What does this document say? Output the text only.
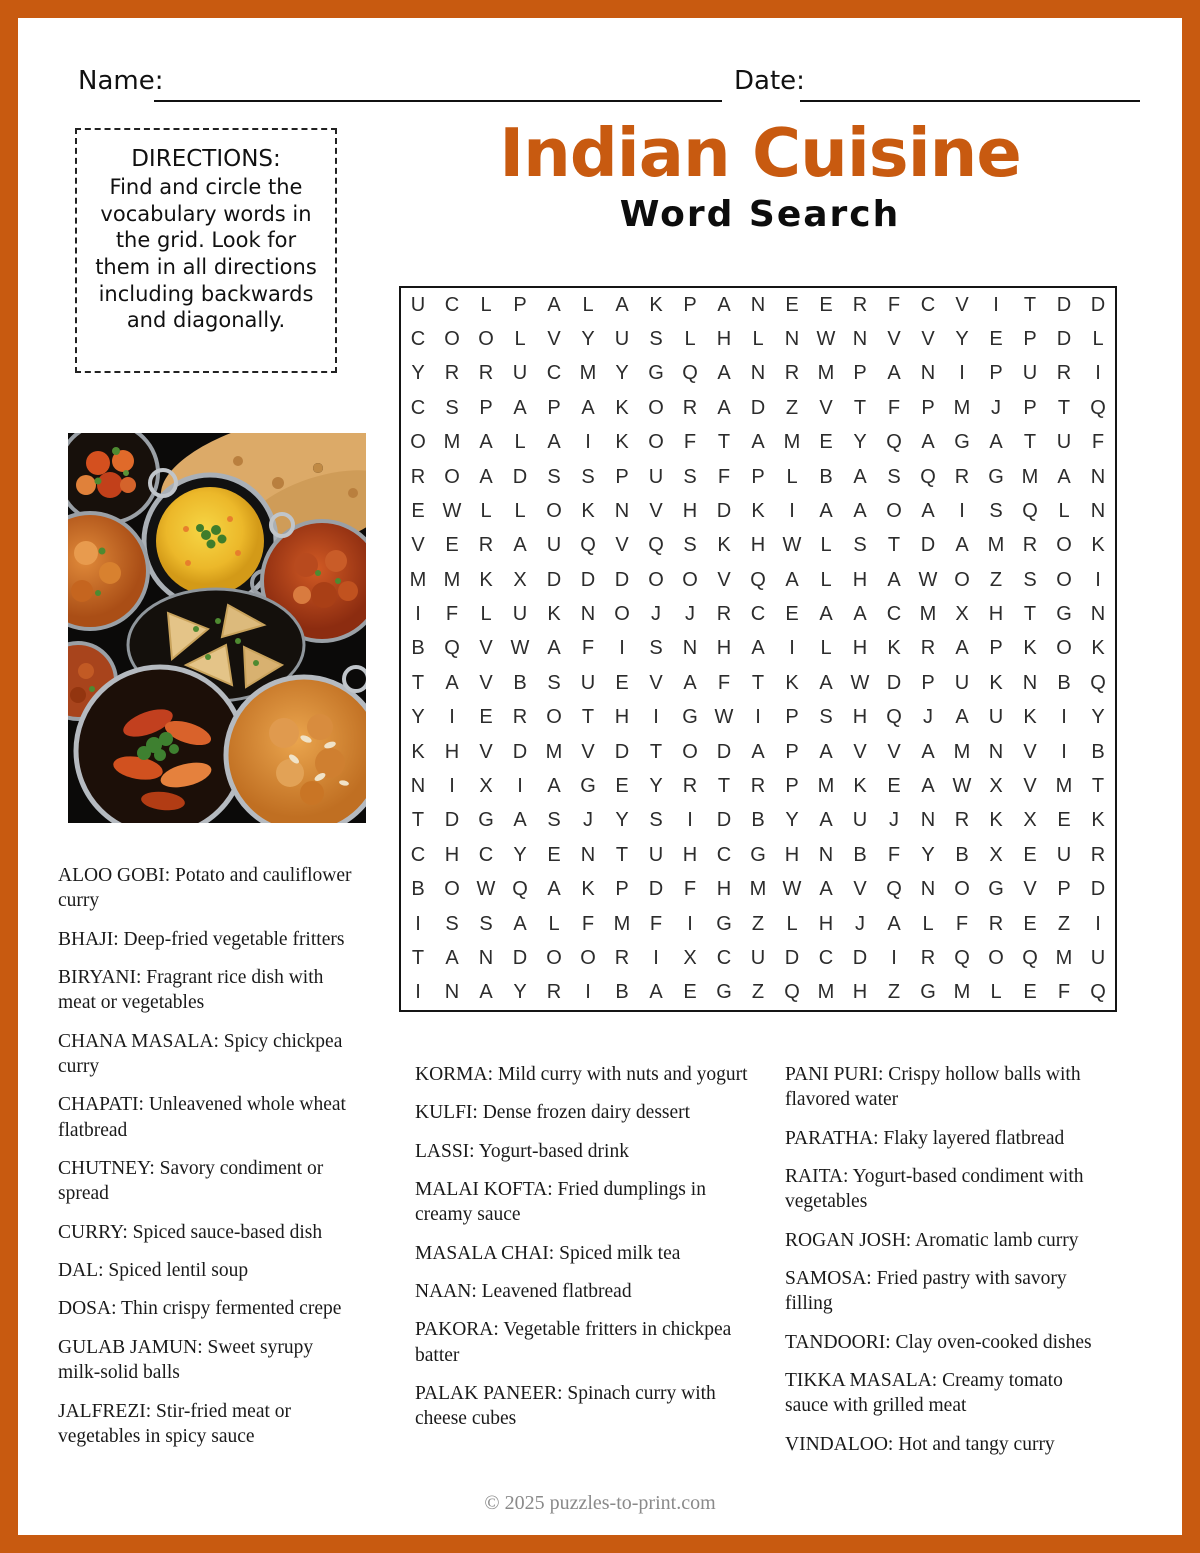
Name:	Date:

DIRECTIONS:

Find and circle the vocabulary words in the grid. Look for them in all directions including backwards and diagonally.

Indian Cuisine
Word Search
U C	L	P	A	L	A	K	P	A	N	E	E	R	F	C	V	I	T	D D
C O O	L	V	Y	U	S	L	H	L	N W N	V	V	Y	E	P	D	L
Y	R R U C M Y G Q A	N R M P	A	N	I	P	U R	I
C	S	P	A	P	A	K O R	A	D	Z	V	T	F	P M	J	P	T	Q
O M A	L	A	I	K O	F	T	A M E	Y Q A G A	T	U	F
R O A	D	S	S	P	U	S	F	P	L	B	A	S Q R G M A	N
E W L	L	O K	N	V	H D	K	I	A	A O A	I	S Q	L	N
V	E	R	A	U Q V Q S	K	H W L	S	T	D	A M R O K
M M K	X	D D D O O V Q A	L	H	A W O	Z	S O	I
I	F	L	U	K	N O	J	J	R C	E	A	A	C M X	H	T	G N
B Q V W A	F	I	S	N H	A	I	L	H	K	R	A	P	K O K
T	A	V	B	S	U	E	V	A	F	T	K	A W D	P	U	K	N	B Q
Y	I	E	R O	T	H	I	G W	I	P	S	H Q	J	A	U	K	I	Y
K	H	V	D M V	D	T	O D	A	P	A	V	V	A M N	V	I	B
N	I	X	I	A G E	Y	R	T	R	P M K	E	A W X	V M T
T	D G A	S	J	Y	S	I	D	B	Y	A	U	J	N R	K	X	E	K
C H C	Y	E	N	T	U H C G H N	B	F	Y	B	X	E	U R
B O W Q A	K	P	D	F	H M W A	V Q N O G V	P	D
I	S	S	A	L	F M F	I	G	Z	L	H	J	A	L	F	R	E	Z	I
T	A	N D O O R	I	X	C U D C D	I	R Q O Q M U
I	N	A	Y	R	I	B	A	E G	Z	Q M H	Z	G M	L	E	F	Q

ALOO GOBI: Potato and cauliflower curry

BHAJI: Deep-fried vegetable fritters

BIRYANI: Fragrant rice dish with meat or vegetables

CHANA MASALA: Spicy chickpea curry

CHAPATI: Unleavened whole wheat flatbread

CHUTNEY: Savory condiment or spread

CURRY: Spiced sauce-based dish

DAL: Spiced lentil soup

DOSA: Thin crispy fermented crepe

GULAB JAMUN: Sweet syrupy milk-solid balls

JALFREZI: Stir-fried meat or vegetables in spicy sauce

KORMA: Mild curry with nuts and yogurt

KULFI: Dense frozen dairy dessert

LASSI: Yogurt-based drink

MALAI KOFTA: Fried dumplings in creamy sauce

MASALA CHAI: Spiced milk tea

NAAN: Leavened flatbread

PAKORA: Vegetable fritters in chickpea batter

PALAK PANEER: Spinach curry with cheese cubes

PANI PURI: Crispy hollow balls with flavored water

PARATHA: Flaky layered flatbread

RAITA: Yogurt-based condiment with vegetables

ROGAN JOSH: Aromatic lamb curry

SAMOSA: Fried pastry with savory filling

TANDOORI: Clay oven-cooked dishes

TIKKA MASALA: Creamy tomato sauce with grilled meat

VINDALOO: Hot and tangy curry

© 2025 puzzles-to-print.com
